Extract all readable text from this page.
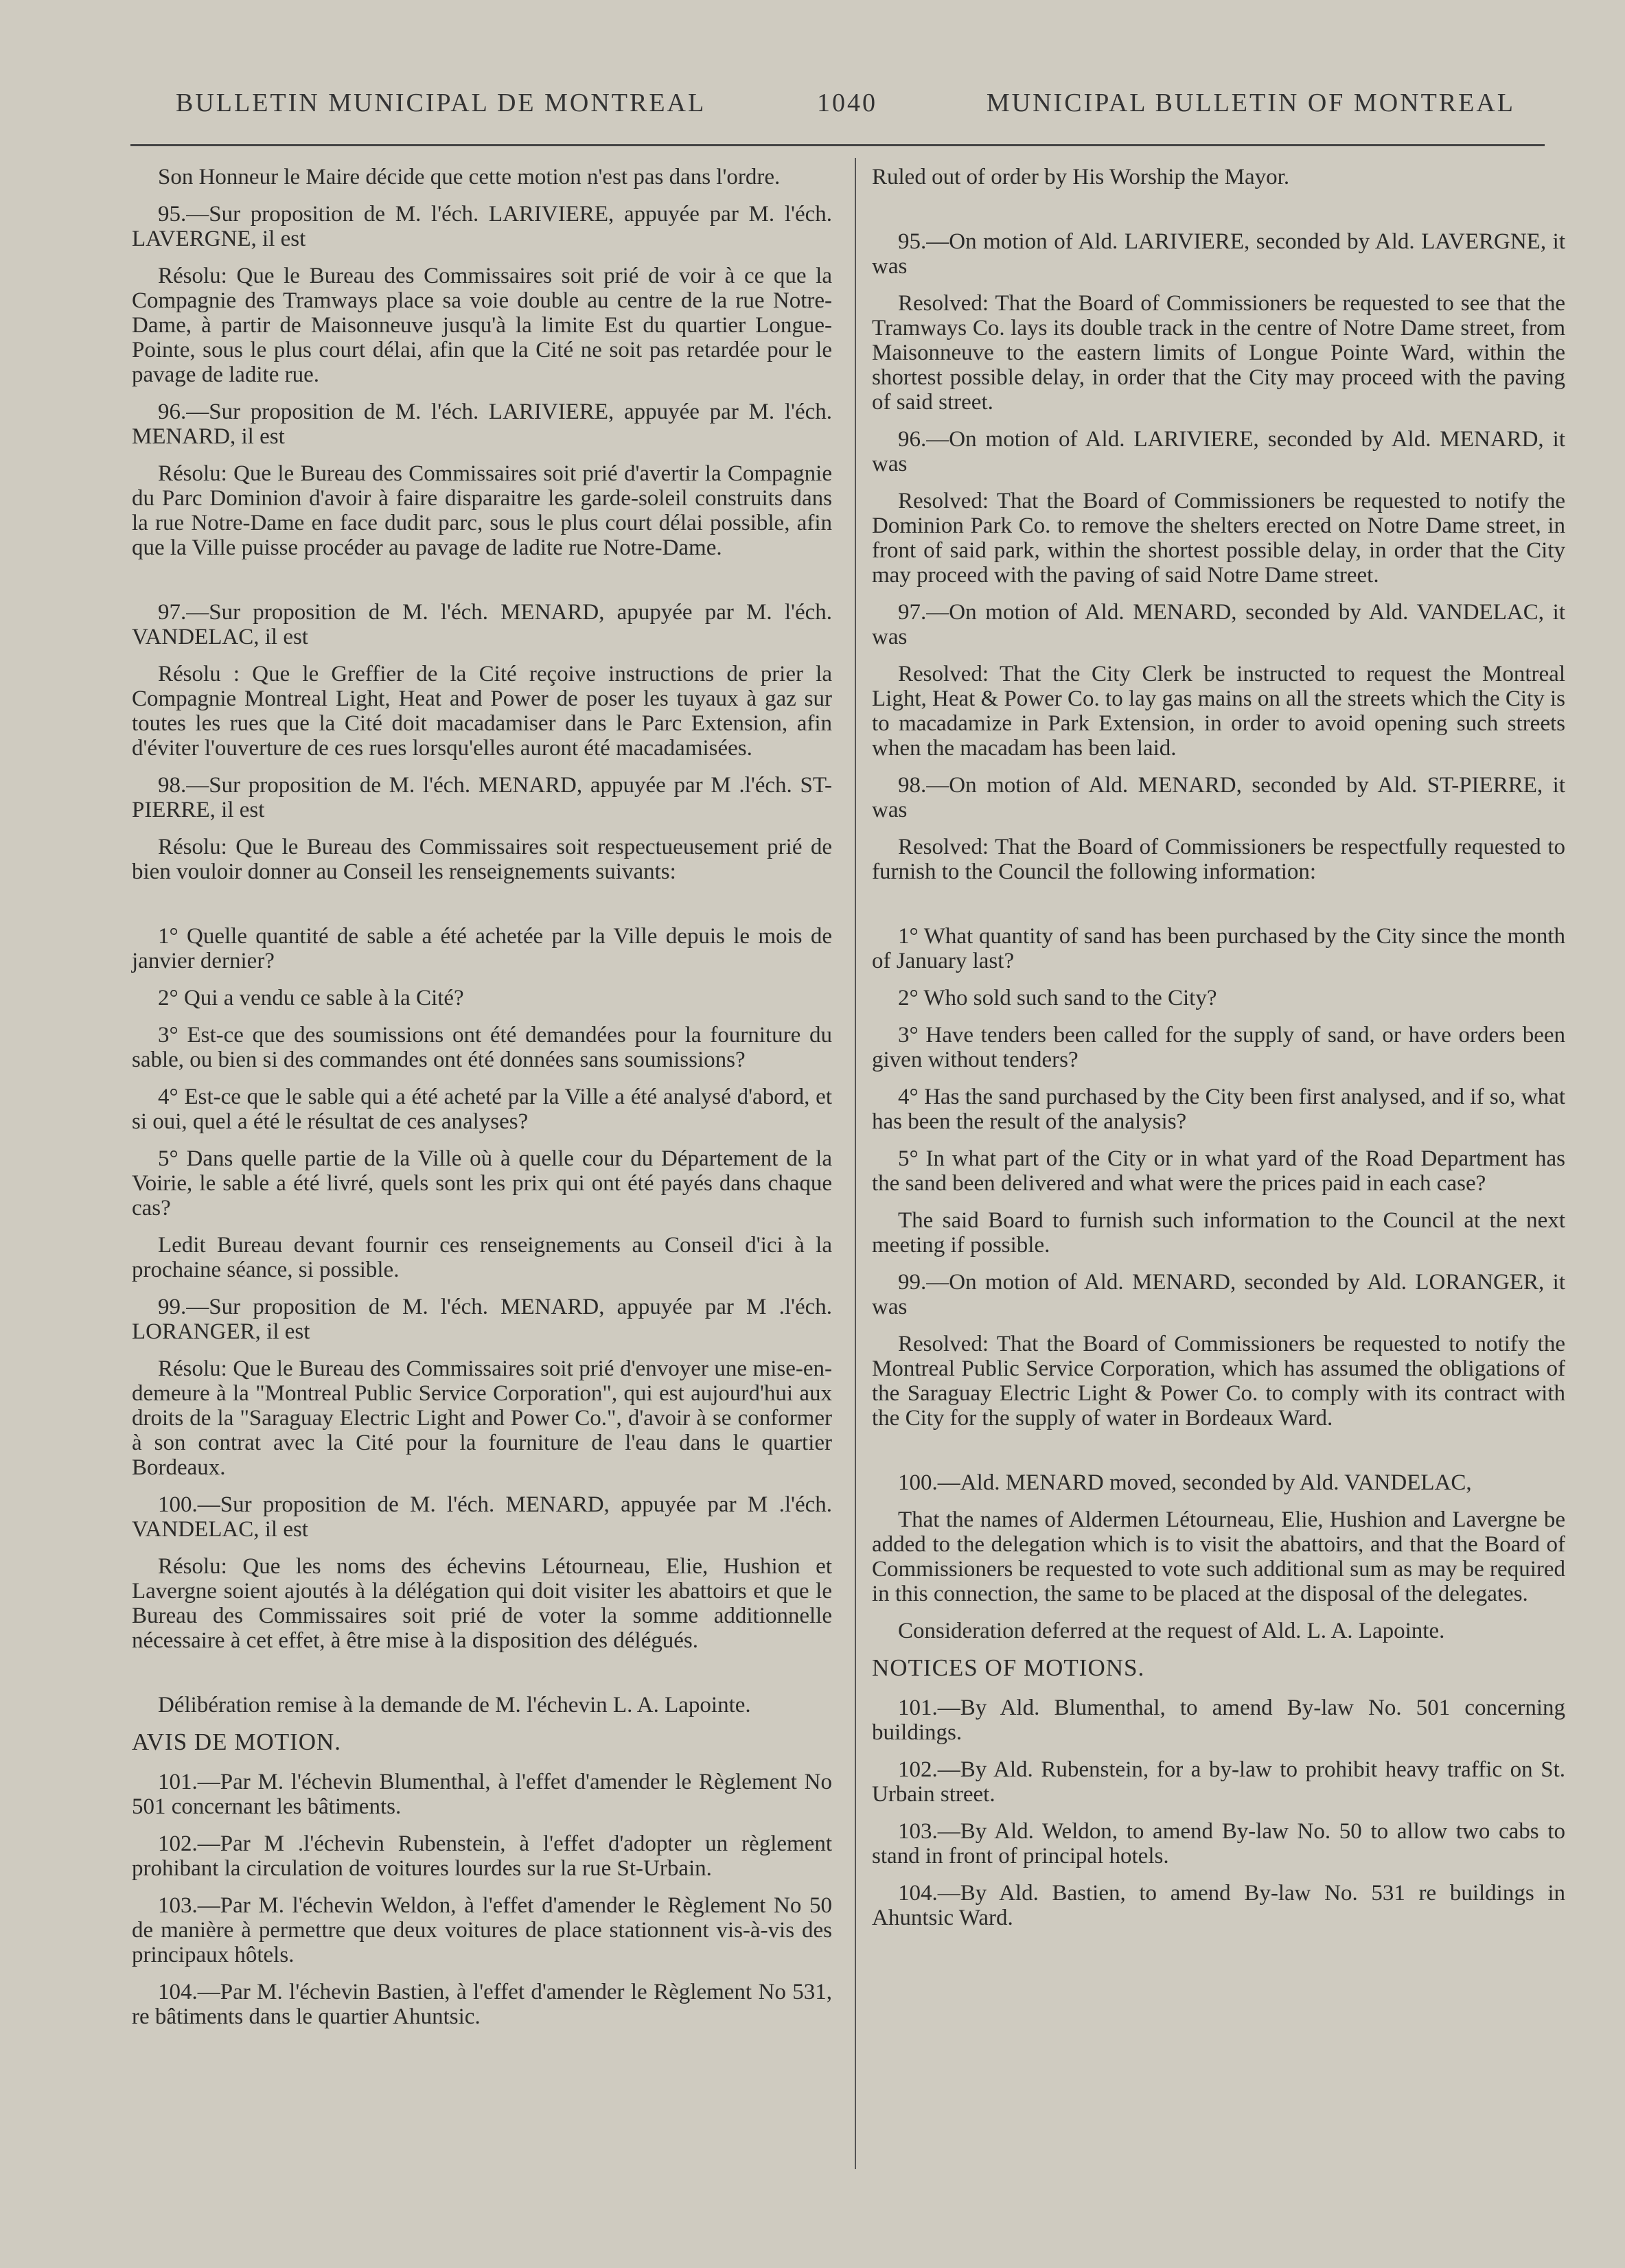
BULLETIN MUNICIPAL DE MONTREAL	1040	MUNICIPAL BULLETIN OF MONTREAL

Son Honneur le Maire décide que cette motion n'est pas dans l'ordre.

95.—Sur proposition de M. l'éch. LARIVIERE, appuyée par M. l'éch. LAVERGNE, il est

Résolu: Que le Bureau des Commissaires soit prié de voir à ce que la Compagnie des Tramways place sa voie double au centre de la rue Notre-Dame, à partir de Maisonneuve jusqu'à la limite Est du quartier Longue-Pointe, sous le plus court délai, afin que la Cité ne soit pas retardée pour le pavage de ladite rue.

96.—Sur proposition de M. l'éch. LARIVIERE, appuyée par M. l'éch. MENARD, il est

Résolu: Que le Bureau des Commissaires soit prié d'avertir la Compagnie du Parc Dominion d'avoir à faire disparaitre les garde-soleil construits dans la rue Notre-Dame en face dudit parc, sous le plus court délai possible, afin que la Ville puisse procéder au pavage de ladite rue Notre-Dame.

97.—Sur proposition de M. l'éch. MENARD, apupyée par M. l'éch. VANDELAC, il est

Résolu : Que le Greffier de la Cité reçoive instructions de prier la Compagnie Montreal Light, Heat and Power de poser les tuyaux à gaz sur toutes les rues que la Cité doit macadamiser dans le Parc Extension, afin d'éviter l'ouverture de ces rues lorsqu'elles auront été macadamisées.

98.—Sur proposition de M. l'éch. MENARD, appuyée par M .l'éch. ST-PIERRE, il est

Résolu: Que le Bureau des Commissaires soit respectueusement prié de bien vouloir donner au Conseil les renseignements suivants:

1° Quelle quantité de sable a été achetée par la Ville depuis le mois de janvier dernier?

2° Qui a vendu ce sable à la Cité?

3° Est-ce que des soumissions ont été demandées pour la fourniture du sable, ou bien si des commandes ont été données sans soumissions?

4° Est-ce que le sable qui a été acheté par la Ville a été analysé d'abord, et si oui, quel a été le résultat de ces analyses?

5° Dans quelle partie de la Ville où à quelle cour du Département de la Voirie, le sable a été livré, quels sont les prix qui ont été payés dans chaque cas?

Ledit Bureau devant fournir ces renseignements au Conseil d'ici à la prochaine séance, si possible.

99.—Sur proposition de M. l'éch. MENARD, appuyée par M .l'éch. LORANGER, il est

Résolu: Que le Bureau des Commissaires soit prié d'envoyer une mise-en-demeure à la "Montreal Public Service Corporation", qui est aujourd'hui aux droits de la "Saraguay Electric Light and Power Co.", d'avoir à se conformer à son contrat avec la Cité pour la fourniture de l'eau dans le quartier Bordeaux.

100.—Sur proposition de M. l'éch. MENARD, appuyée par M .l'éch. VANDELAC, il est

Résolu: Que les noms des échevins Létourneau, Elie, Hushion et Lavergne soient ajoutés à la délégation qui doit visiter les abattoirs et que le Bureau des Commissaires soit prié de voter la somme additionnelle nécessaire à cet effet, à être mise à la disposition des délégués.

Délibération remise à la demande de M. l'échevin L. A. Lapointe.

AVIS DE MOTION.

101.—Par M. l'échevin Blumenthal, à l'effet d'amender le Règlement No 501 concernant les bâtiments.

102.—Par M .l'échevin Rubenstein, à l'effet d'adopter un règlement prohibant la circulation de voitures lourdes sur la rue St-Urbain.

103.—Par M. l'échevin Weldon, à l'effet d'amender le Règlement No 50 de manière à permettre que deux voitures de place stationnent vis-à-vis des principaux hôtels.

104.—Par M. l'échevin Bastien, à l'effet d'amender le Règlement No 531, re bâtiments dans le quartier Ahuntsic.

Ruled out of order by His Worship the Mayor.

95.—On motion of Ald. LARIVIERE, seconded by Ald. LAVERGNE, it was

Resolved: That the Board of Commissioners be requested to see that the Tramways Co. lays its double track in the centre of Notre Dame street, from Maisonneuve to the eastern limits of Longue Pointe Ward, within the shortest possible delay, in order that the City may proceed with the paving of said street.

96.—On motion of Ald. LARIVIERE, seconded by Ald. MENARD, it was

Resolved: That the Board of Commissioners be requested to notify the Dominion Park Co. to remove the shelters erected on Notre Dame street, in front of said park, within the shortest possible delay, in order that the City may proceed with the paving of said Notre Dame street.

97.—On motion of Ald. MENARD, seconded by Ald. VANDELAC, it was

Resolved: That the City Clerk be instructed to request the Montreal Light, Heat & Power Co. to lay gas mains on all the streets which the City is to macadamize in Park Extension, in order to avoid opening such streets when the macadam has been laid.

98.—On motion of Ald. MENARD, seconded by Ald. ST-PIERRE, it was

Resolved: That the Board of Commissioners be respectfully requested to furnish to the Council the following information:

1° What quantity of sand has been purchased by the City since the month of January last?

2° Who sold such sand to the City?

3° Have tenders been called for the supply of sand, or have orders been given without tenders?

4° Has the sand purchased by the City been first analysed, and if so, what has been the result of the analysis?

5° In what part of the City or in what yard of the Road Department has the sand been delivered and what were the prices paid in each case?

The said Board to furnish such information to the Council at the next meeting if possible.

99.—On motion of Ald. MENARD, seconded by Ald. LORANGER, it was

Resolved: That the Board of Commissioners be requested to notify the Montreal Public Service Corporation, which has assumed the obligations of the Saraguay Electric Light & Power Co. to comply with its contract with the City for the supply of water in Bordeaux Ward.

100.—Ald. MENARD moved, seconded by Ald. VANDELAC,

That the names of Aldermen Létourneau, Elie, Hushion and Lavergne be added to the delegation which is to visit the abattoirs, and that the Board of Commissioners be requested to vote such additional sum as may be required in this connection, the same to be placed at the disposal of the delegates.

Consideration deferred at the request of Ald. L. A. Lapointe.

NOTICES OF MOTIONS.

101.—By Ald. Blumenthal, to amend By-law No. 501 concerning buildings.

102.—By Ald. Rubenstein, for a by-law to prohibit heavy traffic on St. Urbain street.

103.—By Ald. Weldon, to amend By-law No. 50 to allow two cabs to stand in front of principal hotels.

104.—By Ald. Bastien, to amend By-law No. 531 re buildings in Ahuntsic Ward.
